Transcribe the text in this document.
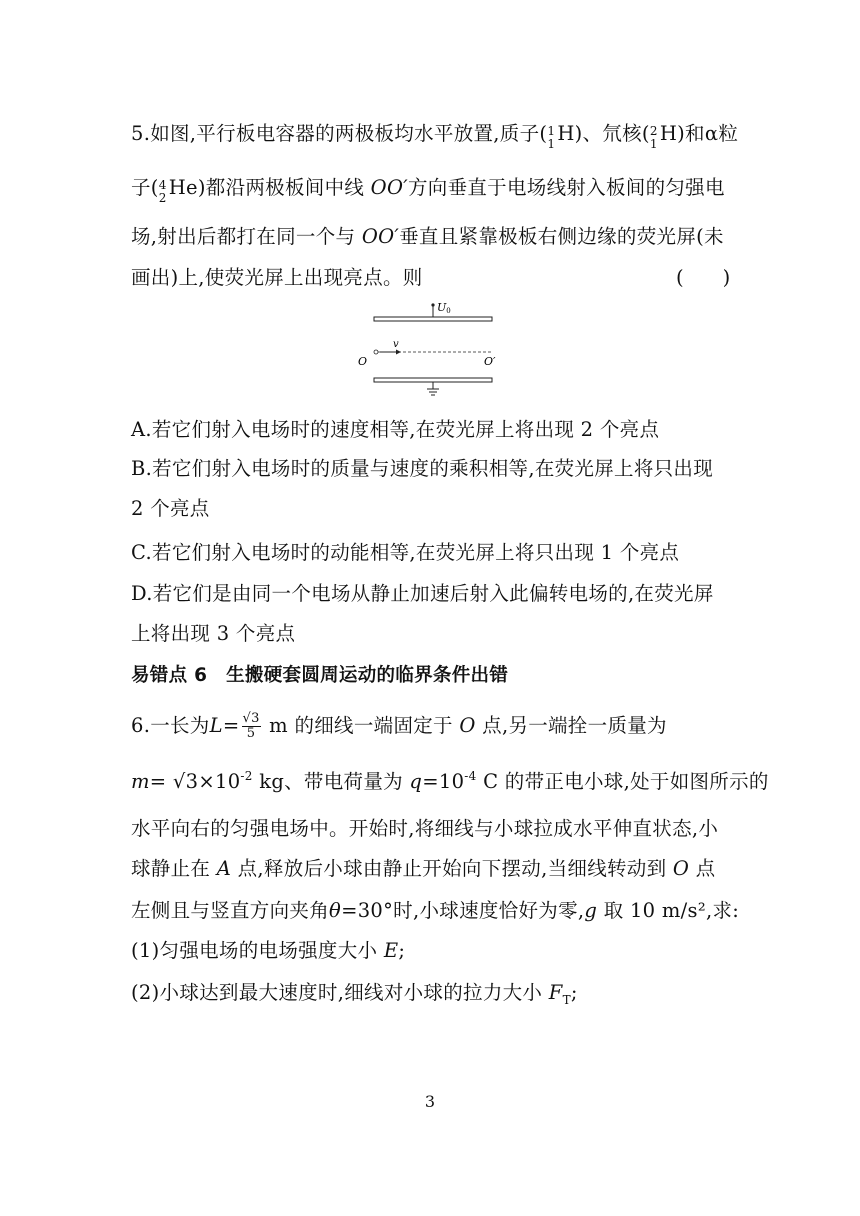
5.如图,平行板电容器的两极板均水平放置,质子( 1
1 H)、氘核( 2
1 H)和α粒
子( 4
2 He)都沿两极板间中线 OO′方向垂直于电场线射入板间的匀强电
场,射出后都打在同一个与 OO′垂直且紧靠极板右侧边缘的荧光屏(未
画出)上,使荧光屏上出现亮点。则	(　　)
U0
v
O	O′
A.若它们射入电场时的速度相等,在荧光屏上将出现 2 个亮点
B.若它们射入电场时的质量与速度的乘积相等,在荧光屏上将只出现
2 个亮点
C.若它们射入电场时的动能相等,在荧光屏上将只出现 1 个亮点
D.若它们是由同一个电场从静止加速后射入此偏转电场的,在荧光屏
上将出现 3 个亮点
易错点 6　生搬硬套圆周运动的临界条件出错
6.一长为$L= \frac{√3}{5}$ m 的细线一端固定于 O 点,另一端拴一质量为
$m= √3\times 10^{-2}$ kg、带电荷量为 $q=10^{-4}$ C 的带正电小球,处于如图所示的
水平向右的匀强电场中。开始时,将细线与小球拉成水平伸直状态,小
球静止在 A 点,释放后小球由静止开始向下摆动,当细线转动到 O 点
左侧且与竖直方向夹角θ=30°时,小球速度恰好为零,g 取 10 m/s²,求:
(1)匀强电场的电场强度大小 E;
(2)小球达到最大速度时,细线对小球的拉力大小 $F_T$;
3
